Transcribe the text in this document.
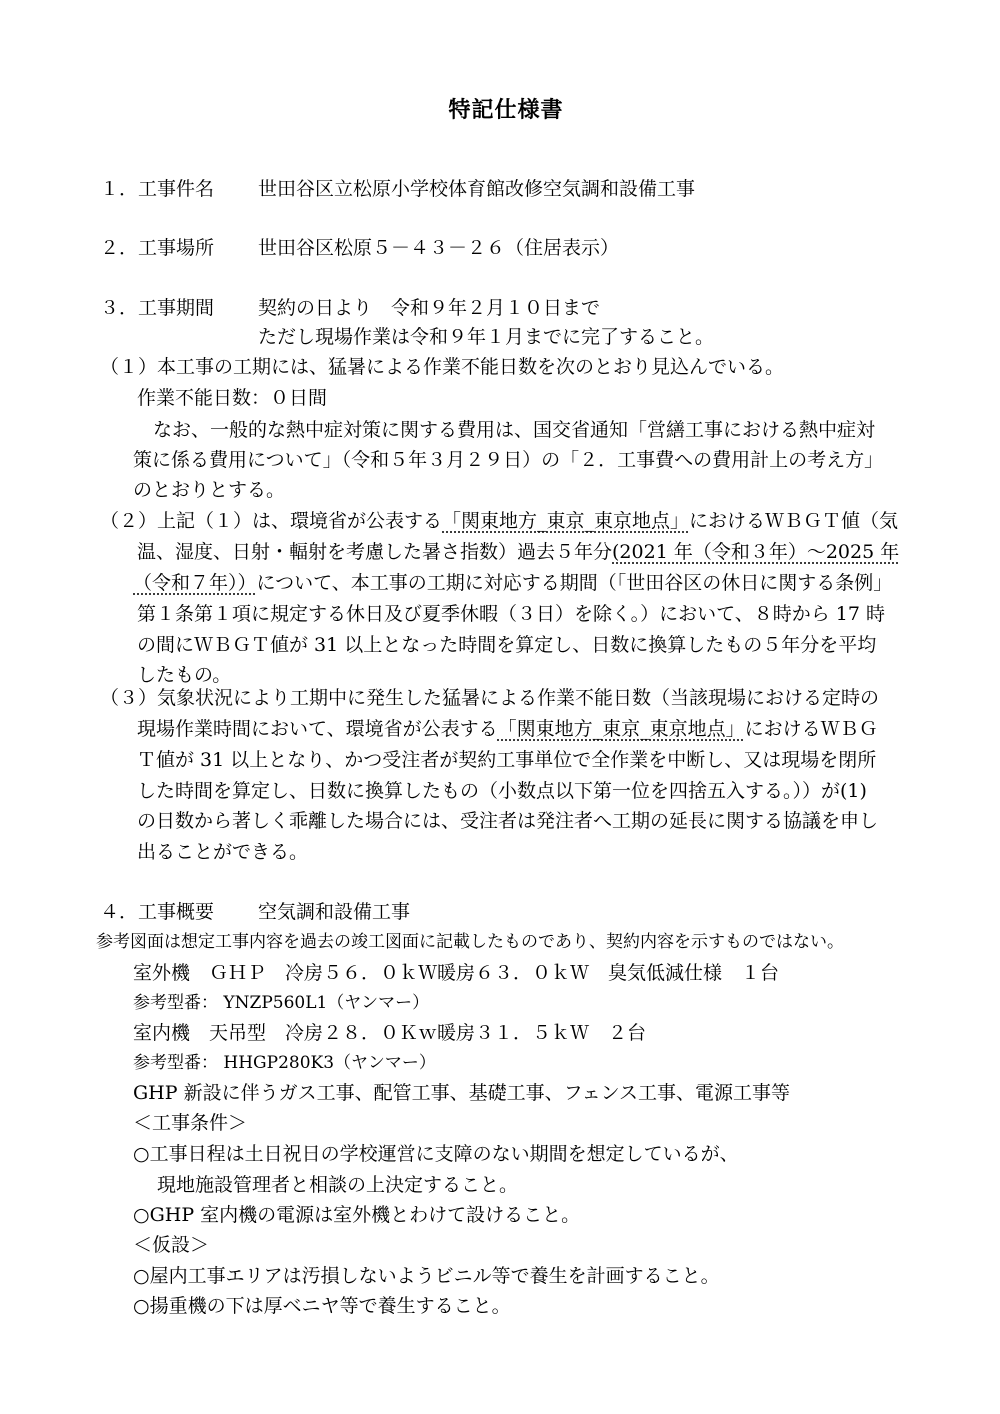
特記仕様書
１．工事件名 世田谷区立松原小学校体育館改修空気調和設備工事
２．工事場所 世田谷区松原５－４３－２６（住居表示）
３．工事期間 契約の日より　令和９年２月１０日まで
ただし現場作業は令和９年１月までに完了すること。
（１）本工事の工期には、猛暑による作業不能日数を次のとおり見込んでいる。
作業不能日数：０日間
なお、一般的な熱中症対策に関する費用は、国交省通知「営繕工事における熱中症対
策に係る費用について」（令和５年３月２９日）の「２．工事費への費用計上の考え方」
のとおりとする。
（２）上記（１）は、環境省が公表する「関東地方_東京_東京地点」におけるＷＢＧＴ値（気
温、湿度、日射・輻射を考慮した暑さ指数）過去５年分(2021 年（令和３年）～2025 年
（令和７年））について、本工事の工期に対応する期間（「世田谷区の休日に関する条例」
第１条第１項に規定する休日及び夏季休暇（３日）を除く。）において、８時から 17 時
の間にＷＢＧＴ値が 31 以上となった時間を算定し、日数に換算したもの５年分を平均
したもの。
（３）気象状況により工期中に発生した猛暑による作業不能日数（当該現場における定時の
現場作業時間において、環境省が公表する「関東地方_東京_東京地点」におけるＷＢＧ
Ｔ値が 31 以上となり、かつ受注者が契約工事単位で全作業を中断し、又は現場を閉所
した時間を算定し、日数に換算したもの（小数点以下第一位を四捨五入する。））が(1)
の日数から著しく乖離した場合には、受注者は発注者へ工期の延長に関する協議を申し
出ることができる。
４．工事概要 空気調和設備工事
参考図面は想定工事内容を過去の竣工図面に記載したものであり、契約内容を示すものではない。
室外機　ＧＨＰ　冷房５６．０ｋＷ暖房６３．０ｋＷ　臭気低減仕様　１台
参考型番： YNZP560L1（ヤンマー）
室内機　天吊型　冷房２８．０Ｋｗ暖房３１．５ｋＷ　２台
参考型番： HHGP280K3（ヤンマー）
GHP 新設に伴うガス工事、配管工事、基礎工事、フェンス工事、電源工事等
＜工事条件＞
○工事日程は土日祝日の学校運営に支障のない期間を想定しているが、
現地施設管理者と相談の上決定すること。
○GHP 室内機の電源は室外機とわけて設けること。
＜仮設＞
○屋内工事エリアは汚損しないようビニル等で養生を計画すること。
○揚重機の下は厚ベニヤ等で養生すること。
